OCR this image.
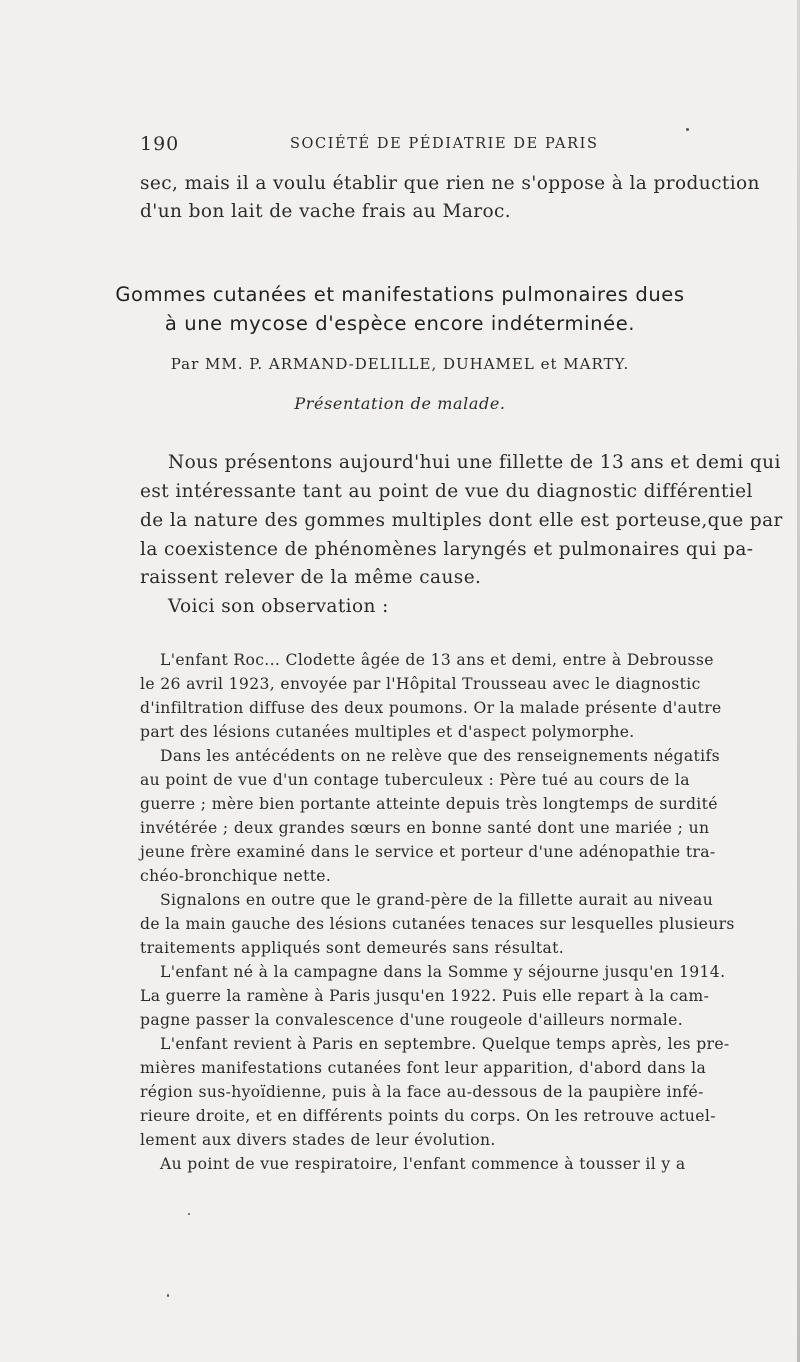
190	SOCIÉTÉ DE PÉDIATRIE DE PARIS
sec, mais il a voulu établir que rien ne s'oppose à la production
d'un bon lait de vache frais au Maroc.
Gommes cutanées et manifestations pulmonaires dues
à une mycose d'espèce encore indéterminée.
Par MM. P. ARMAND-DELILLE, DUHAMEL et MARTY.
Présentation de malade.
Nous présentons aujourd'hui une fillette de 13 ans et demi qui
est intéressante tant au point de vue du diagnostic différentiel
de la nature des gommes multiples dont elle est porteuse,que par
la coexistence de phénomènes laryngés et pulmonaires qui pa-
raissent relever de la même cause.
Voici son observation :
L'enfant Roc... Clodette âgée de 13 ans et demi, entre à Debrousse
le 26 avril 1923, envoyée par l'Hôpital Trousseau avec le diagnostic
d'infiltration diffuse des deux poumons. Or la malade présente d'autre
part des lésions cutanées multiples et d'aspect polymorphe.
Dans les antécédents on ne relève que des renseignements négatifs
au point de vue d'un contage tuberculeux : Père tué au cours de la
guerre ; mère bien portante atteinte depuis très longtemps de surdité
invétérée ; deux grandes sœurs en bonne santé dont une mariée ; un
jeune frère examiné dans le service et porteur d'une adénopathie tra-
chéo-bronchique nette.
Signalons en outre que le grand-père de la fillette aurait au niveau
de la main gauche des lésions cutanées tenaces sur lesquelles plusieurs
traitements appliqués sont demeurés sans résultat.
L'enfant né à la campagne dans la Somme y séjourne jusqu'en 1914.
La guerre la ramène à Paris jusqu'en 1922. Puis elle repart à la cam-
pagne passer la convalescence d'une rougeole d'ailleurs normale.
L'enfant revient à Paris en septembre. Quelque temps après, les pre-
mières manifestations cutanées font leur apparition, d'abord dans la
région sus-hyoïdienne, puis à la face au-dessous de la paupière infé-
rieure droite, et en différents points du corps. On les retrouve actuel-
lement aux divers stades de leur évolution.
Au point de vue respiratoire, l'enfant commence à tousser il y a
